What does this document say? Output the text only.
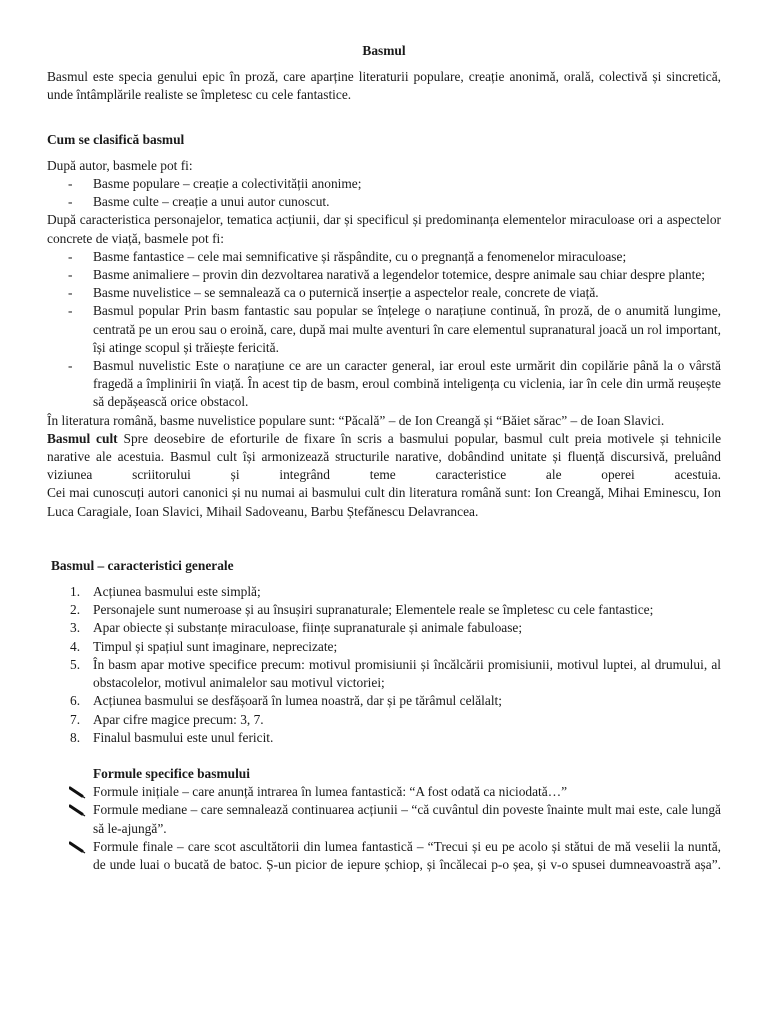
Basmul

Basmul este specia genului epic în proză, care aparține literaturii populare, creație anonimă, orală, colectivă și sincretică, unde întâmplările realiste se împletesc cu cele fantastice.

Cum se clasifică basmul

După autor, basmele pot fi:

- Basme populare – creație a colectivității anonime;
- Basme culte – creație a unui autor cunoscut.

După caracteristica personajelor, tematica acțiunii, dar și specificul și predominanța elementelor miraculoase ori a aspectelor concrete de viață, basmele pot fi:

- Basme fantastice – cele mai semnificative și răspândite, cu o pregnanță a fenomenelor miraculoase;
- Basme animaliere – provin din dezvoltarea narativă a legendelor totemice, despre animale sau chiar despre plante;
- Basme nuvelistice – se semnalează ca o puternică inserție a aspectelor reale, concrete de viață.
- Basmul popular Prin basm fantastic sau popular se înțelege o narațiune continuă, în proză, de o anumită lungime, centrată pe un erou sau o eroină, care, după mai multe aventuri în care elementul supranatural joacă un rol important, își atinge scopul și trăiește fericită.
- Basmul nuvelistic Este o narațiune ce are un caracter general, iar eroul este urmărit din copilărie până la o vârstă fragedă a împlinirii în viață. În acest tip de basm, eroul combină inteligența cu viclenia, iar în cele din urmă reușește să depășească orice obstacol.

În literatura română, basme nuvelistice populare sunt: “Păcală” – de Ion Creangă și “Băiet sărac” – de Ioan Slavici.

Basmul cult Spre deosebire de eforturile de fixare în scris a basmului popular, basmul cult preia motivele și tehnicile narative ale acestuia. Basmul cult își armonizează structurile narative, dobândind unitate și fluență discursivă, preluând viziunea scriitorului și integrând teme caracteristice ale operei acestuia.

Cei mai cunoscuți autori canonici și nu numai ai basmului cult din literatura română sunt: Ion Creangă, Mihai Eminescu, Ion Luca Caragiale, Ioan Slavici, Mihail Sadoveanu, Barbu Ștefănescu Delavrancea.

Basmul – caracteristici generale
1. Acțiunea basmului este simplă;
2. Personajele sunt numeroase și au însușiri supranaturale; Elementele reale se împletesc cu cele fantastice;
3. Apar obiecte și substanțe miraculoase, ființe supranaturale și animale fabuloase;
4. Timpul și spațiul sunt imaginare, neprecizate;
5. În basm apar motive specifice precum: motivul promisiunii și încălcării promisiunii, motivul luptei, al drumului, al obstacolelor, motivul animalelor sau motivul victoriei;
6. Acțiunea basmului se desfășoară în lumea noastră, dar și pe tărâmul celălalt;
7. Apar cifre magice precum: 3, 7.
8. Finalul basmului este unul fericit.
Formule specifice basmului
Formule inițiale – care anunță intrarea în lumea fantastică: “A fost odată ca niciodată…”
Formule mediane – care semnalează continuarea acțiunii – “că cuvântul din poveste înainte mult mai este, cale lungă să le-ajungă”.
Formule finale – care scot ascultătorii din lumea fantastică – “Trecui și eu pe acolo și stătui de mă veselii la nuntă, de unde luai o bucată de batoc. Ș-un picior de iepure șchiop, și încălecai p-o șea, și v-o spusei dumneavoastră așa”.
